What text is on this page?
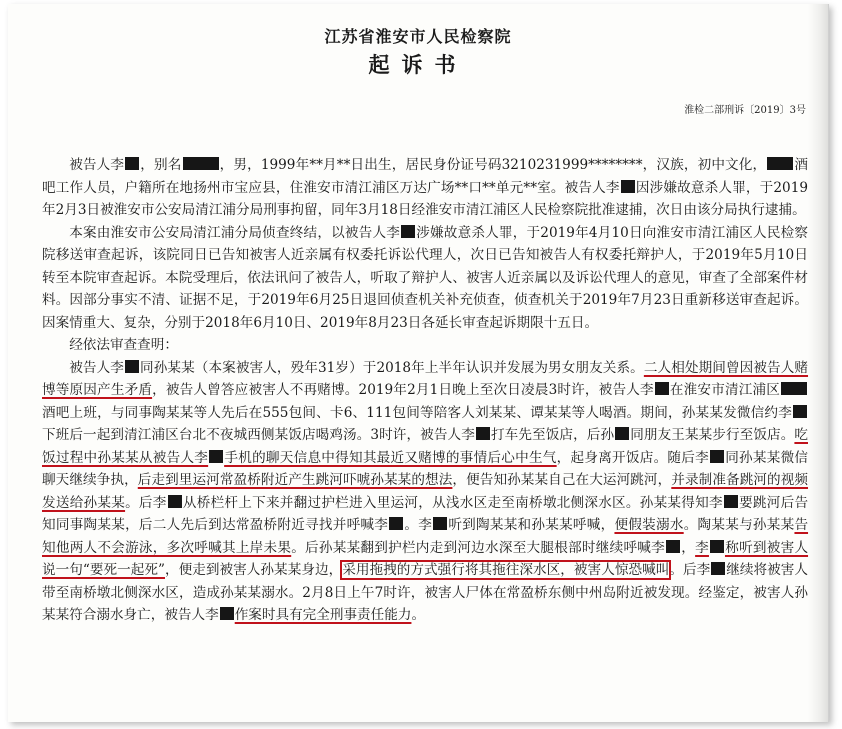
江苏省淮安市人民检察院
起诉书
淮检二部刑诉〔2019〕3号

被告人李 ，别名	，男，1999年**月**日出生，居民身份证号码3210231999********，汉族，初中文化， 酒吧工作人员，户籍所在地扬州市宝应县，住淮安市清江浦区万达广场**口**单元**室。被告人李 因涉嫌故意杀人罪，于2019年2月3日被淮安市公安局清江浦分局刑事拘留，同年3月18日经淮安市清江浦区人民检察院批准逮捕，次日由该分局执行逮捕。

本案由淮安市公安局清江浦分局侦查终结，以被告人李 涉嫌故意杀人罪，于2019年4月10日向淮安市清江浦区人民检察院移送审查起诉，该院同日已告知被害人近亲属有权委托诉讼代理人，次日已告知被告人有权委托辩护人，于2019年5月10日转至本院审查起诉。本院受理后，依法讯问了被告人，听取了辩护人、被害人近亲属以及诉讼代理人的意见，审查了全部案件材料。因部分事实不清、证据不足，于2019年6月25日退回侦查机关补充侦查，侦查机关于2019年7月23日重新移送审查起诉。因案情重大、复杂，分别于2018年6月10日、2019年8月23日各延长审查起诉期限十五日。

经依法审查查明：

被告人李 同孙某某（本案被害人，殁年31岁）于2018年上半年认识并发展为男女朋友关系。二人相处期间曾因被告人赌博等原因产生矛盾，被告人曾答应被害人不再赌博。2019年2月1日晚上至次日凌晨3时许，被告人李 在淮安市清江浦区酒吧上班，与同事陶某某等人先后在555包间、卡6、111包间等陪客人刘某某、谭某某等人喝酒。期间，孙某某发微信约李下班后一起到清江浦区台北不夜城西侧某饭店喝鸡汤。3时许，被告人李 打车先至饭店，后孙 同朋友王某某步行至饭店。吃饭过程中孙某某从被告人李 手机的聊天信息中得知其最近又赌博的事情后心中生气，起身离开饭店。随后李 同孙某某微信聊天继续争执，后走到里运河常盈桥附近产生跳河吓唬孙某某的想法，便告知孙某某自己在大运河跳河，并录制准备跳河的视频发送给孙某某。后李 从桥栏杆上下来并翻过护栏进入里运河，从浅水区走至南桥墩北侧深水区。孙某某得知李 要跳河后告知同事陶某某，后二人先后到达常盈桥附近寻找并呼喊李 。李 听到陶某某和孙某某呼喊，便假装溺水。陶某某与孙某某告知他两人不会游泳，多次呼喊其上岸未果。后孙某某翻到护栏内走到河边水深至大腿根部时继续呼喊李 ，李 称听到被害人说一句“要死一起死”，便走到被害人孙某某身边，采用拖拽的方式强行将其拖往深水区，被害人惊恐喊叫。后李 继续将被害人带至南桥墩北侧深水区，造成孙某某溺水。2月8日上午7时许，被害人尸体在常盈桥东侧中州岛附近被发现。经鉴定，被害人孙某某符合溺水身亡，被告人李 作案时具有完全刑事责任能力。
